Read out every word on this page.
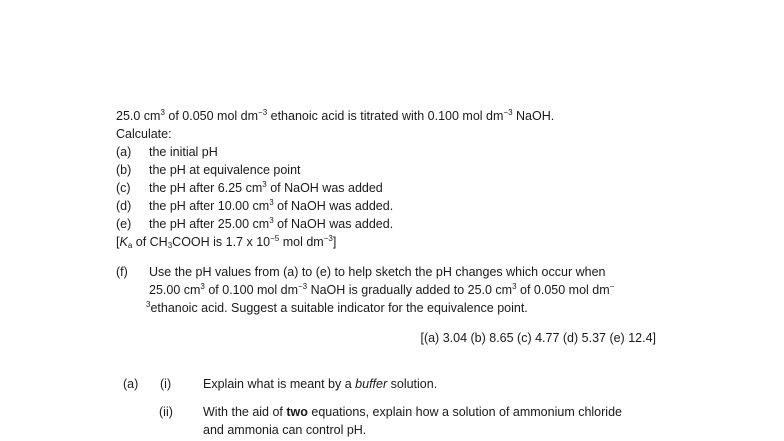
25.0 $cm^3$ of 0.050 mol $dm^{-3}$ ethanoic acid is titrated with 0.100 mol $dm^{-3}$ NaOH.
Calculate:
(a) the initial pH
(b) the pH at equivalence point
(c) the pH after 6.25 $cm^3$ of NaOH was added
(d) the pH after 10.00 $cm^3$ of NaOH was added.
(e) the pH after 25.00 $cm^3$ of NaOH was added.
[$K_a$ of $CH_3COOH$ is 1.7 x $10^{-5}$ mol $dm^{-3}$]
(f) Use the pH values from (a) to (e) to help sketch the pH changes which occur when
25.00 $cm^3$ of 0.100 mol $dm^{-3}$ NaOH is gradually added to 25.0 $cm^3$ of 0.050 mol dm−
$^3$ethanoic acid. Suggest a suitable indicator for the equivalence point.
[(a) 3.04 (b) 8.65 (c) 4.77 (d) 5.37 (e) 12.4]
(a) (i)	Explain what is meant by a buffer solution.
(ii) With the aid of two equations, explain how a solution of ammonium chloride
and ammonia can control pH.
